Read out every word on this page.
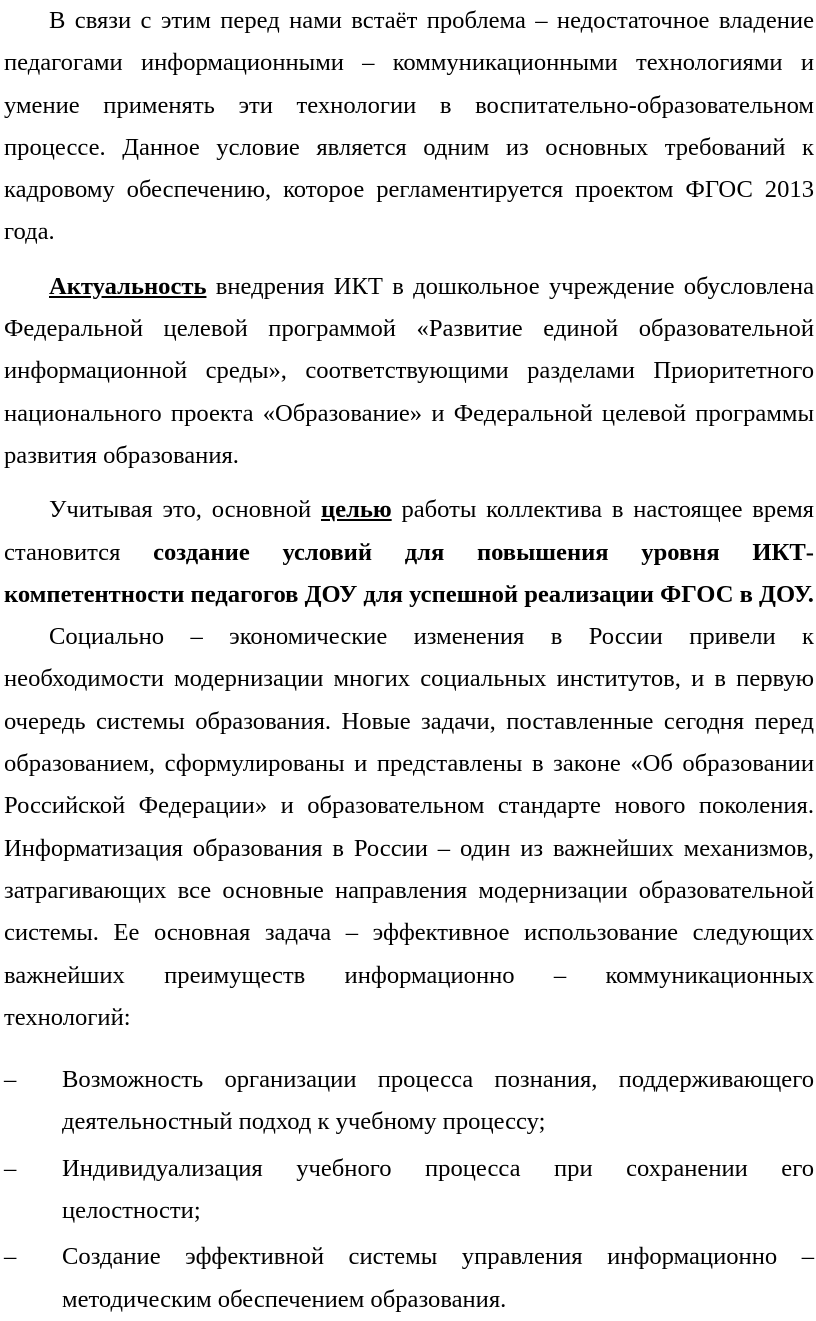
В связи с этим перед нами встаёт проблема – недостаточное владение педагогами информационными – коммуникационными технологиями и умение применять эти технологии в воспитательно-образовательном процессе. Данное условие является одним из основных требований к кадровому обеспечению, которое регламентируется проектом ФГОС 2013 года.

Актуальность внедрения ИКТ в дошкольное учреждение обусловлена Федеральной целевой программой «Развитие единой образовательной информационной среды», соответствующими разделами Приоритетного национального проекта «Образование» и Федеральной целевой программы развития образования.

Учитывая это, основной целью работы коллектива в настоящее время становится создание условий для повышения уровня ИКТ-компетентности педагогов ДОУ для успешной реализации ФГОС в ДОУ.

Социально – экономические изменения в России привели к необходимости модернизации многих социальных институтов, и в первую очередь системы образования. Новые задачи, поставленные сегодня перед образованием, сформулированы и представлены в законе «Об образовании Российской Федерации» и образовательном стандарте нового поколения. Информатизация образования в России – один из важнейших механизмов, затрагивающих все основные направления модернизации образовательной системы. Ее основная задача – эффективное использование следующих важнейших преимуществ информационно – коммуникационных технологий:

– Возможность организации процесса познания, поддерживающего деятельностный подход к учебному процессу;
– Индивидуализация учебного процесса при сохранении его целостности;
– Создание эффективной системы управления информационно – методическим обеспечением образования.
